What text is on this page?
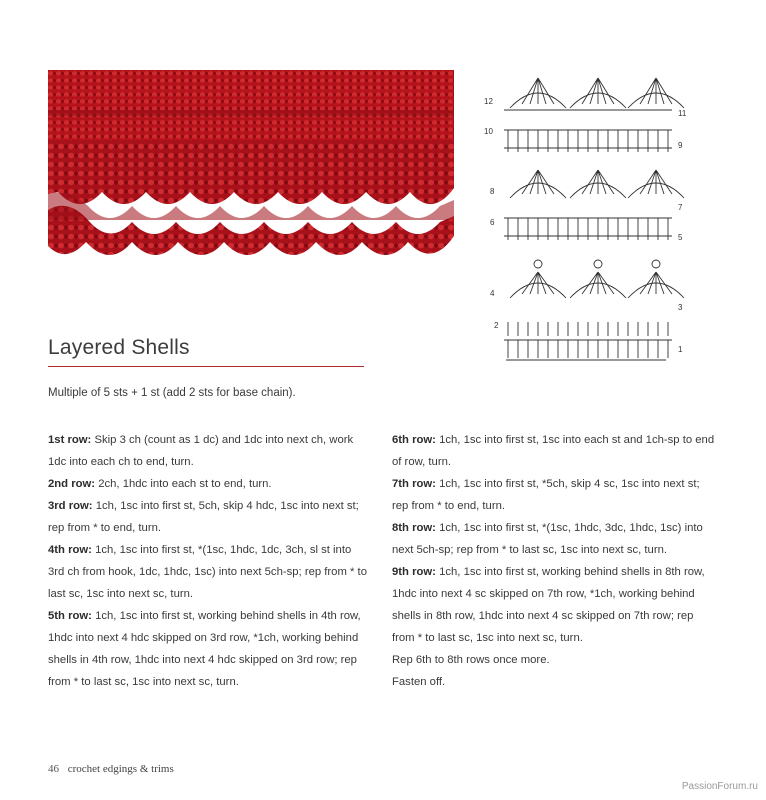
12
10
8
6
4
2
11
9
7
5
3
1
Layered Shells
Multiple of 5 sts + 1 st (add 2 sts for base chain).

1st row: Skip 3 ch (count as 1 dc) and 1dc into next ch, work 1dc into each ch to end, turn.

2nd row: 2ch, 1hdc into each st to end, turn.

3rd row: 1ch, 1sc into first st, 5ch, skip 4 hdc, 1sc into next st; rep from * to end, turn.

4th row: 1ch, 1sc into first st, *(1sc, 1hdc, 1dc, 3ch, sl st into 3rd ch from hook, 1dc, 1hdc, 1sc) into next 5ch-sp; rep from * to last sc, 1sc into next sc, turn.

5th row: 1ch, 1sc into first st, working behind shells in 4th row, 1hdc into next 4 hdc skipped on 3rd row, *1ch, working behind shells in 4th row, 1hdc into next 4 hdc skipped on 3rd row; rep from * to last sc, 1sc into next sc, turn.

6th row: 1ch, 1sc into first st, 1sc into each st and 1ch-sp to end of row, turn.

7th row: 1ch, 1sc into first st, *5ch, skip 4 sc, 1sc into next st; rep from * to end, turn.

8th row: 1ch, 1sc into first st, *(1sc, 1hdc, 3dc, 1hdc, 1sc) into next 5ch-sp; rep from * to last sc, 1sc into next sc, turn.

9th row: 1ch, 1sc into first st, working behind shells in 8th row, 1hdc into next 4 sc skipped on 7th row, *1ch, working behind shells in 8th row, 1hdc into next 4 sc skipped on 7th row; rep from * to last sc, 1sc into next sc, turn.

Rep 6th to 8th rows once more.

Fasten off.

46 crochet edgings & trims
PassionForum.ru
